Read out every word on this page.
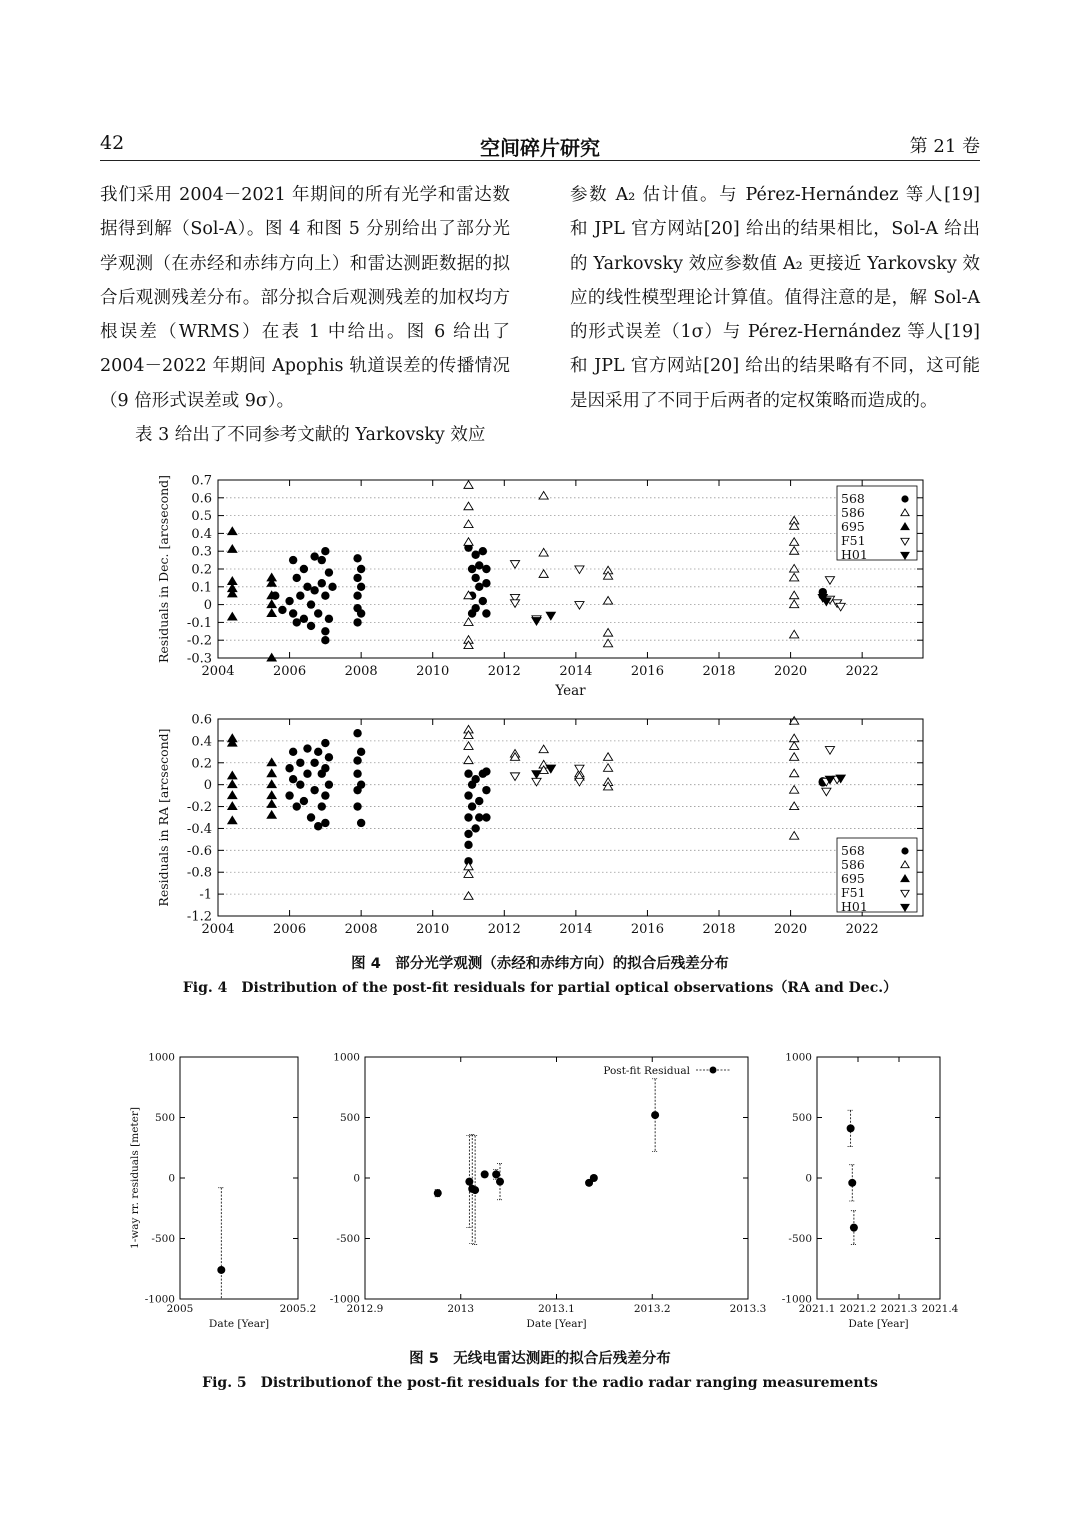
42	空间碎片研究	第 21 卷

我们采用 2004－2021 年期间的所有光学和雷达数据得到解（Sol-A）。图 4 和图 5 分别给出了部分光学观测（在赤经和赤纬方向上）和雷达测距数据的拟合后观测残差分布。部分拟合后观测残差的加权均方根误差（WRMS）在表 1 中给出。图 6 给出了 2004－2022 年期间 Apophis 轨道误差的传播情况（9 倍形式误差或 9σ）。

表 3 给出了不同参考文献的 Yarkovsky 效应

参数 A₂ 估计值。与 Pérez-Hernández 等人[19] 和 JPL 官方网站[20] 给出的结果相比，Sol-A 给出的 Yarkovsky 效应参数值 A₂ 更接近 Yarkovsky 效应的线性模型理论计算值。值得注意的是，解 Sol-A 的形式误差（1σ）与 Pérez-Hernández 等人[19] 和 JPL 官方网站[20] 给出的结果略有不同，这可能是因采用了不同于后两者的定权策略而造成的。

-0.3
-0.2
-0.1
0
0.1
0.2
0.3
0.4
0.5
0.6
0.7
2004	2006	2008	2010	2012	2014	2016	2018	2020	2022
Residuals in Dec. [arcsecond]
Year
568
586
695
F51
H01
-1.2
-1
-0.8
-0.6
-0.4
-0.2
0
0.2
0.4
0.6
2004	2006	2008	2010	2012	2014	2016	2018	2020	2022
Residuals in RA [arcsecond]	568
586
695
F51
H01
图 4　部分光学观测（赤经和赤纬方向）的拟合后残差分布
Fig. 4　Distribution of the post-fit residuals for partial optical observations（RA and Dec.）
-1000
-500
0
500
1000
2005	2005.2
Date [Year]
1-way rr. residuals [meter]
-1000
-500
0
500
1000
2012.9	2013	2013.1	2013.2	2013.3
Date [Year]
Post-fit Residual
-1000
-500
0
500
1000
2021.1 2021.2 2021.3 2021.4
Date [Year]
图 5　无线电雷达测距的拟合后残差分布
Fig. 5　Distributionof the post-fit residuals for the radio radar ranging measurements
